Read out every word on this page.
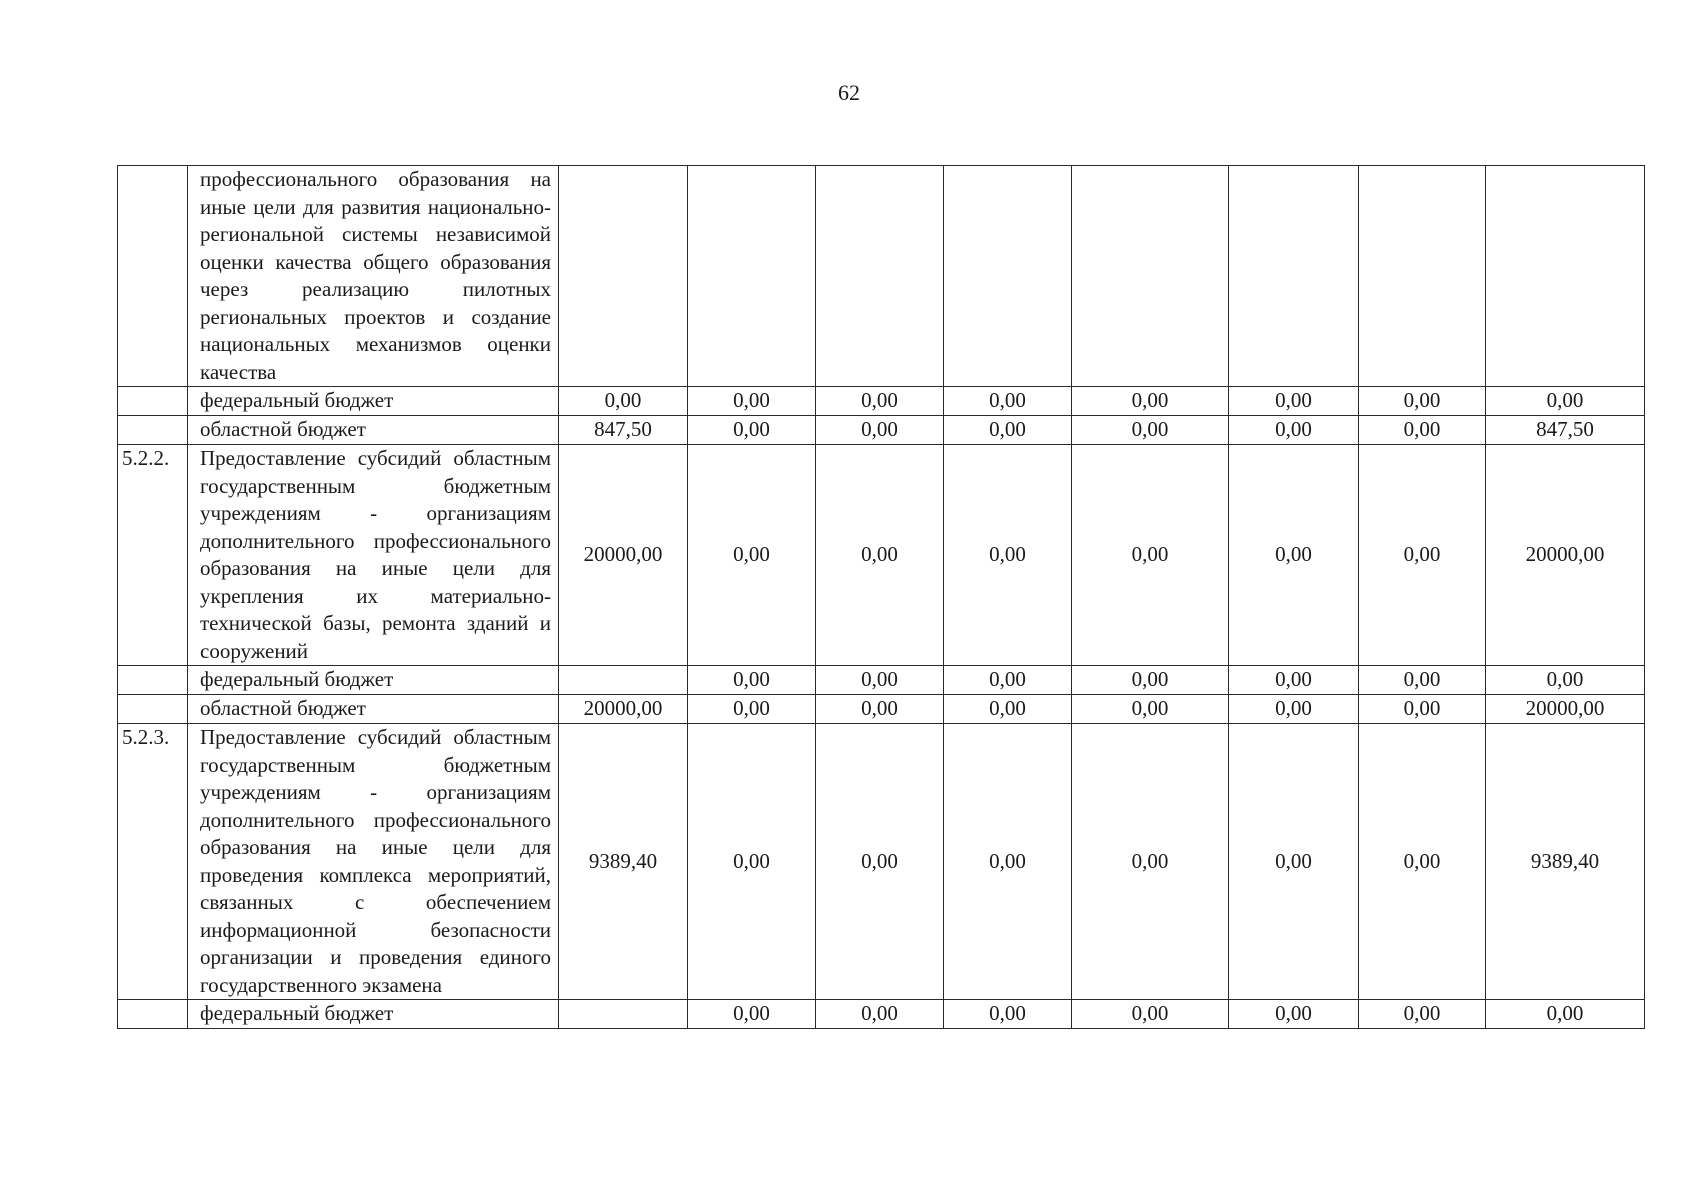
62
	профессионального образования на иные цели для развития национально-региональной системы независимой оценки качества общего образования через реализацию пилотных региональных проектов и создание национальных механизмов оценки качества								
	федеральный бюджет	0,00	0,00	0,00	0,00	0,00	0,00	0,00	0,00
	областной бюджет	847,50	0,00	0,00	0,00	0,00	0,00	0,00	847,50
5.2.2.	Предоставление субсидий областным государственным бюджетным учреждениям - организациям дополнительного профессионального образования на иные цели для укрепления их материально-технической базы, ремонта зданий и сооружений	20000,00	0,00	0,00	0,00	0,00	0,00	0,00	20000,00
	федеральный бюджет		0,00	0,00	0,00	0,00	0,00	0,00	0,00
	областной бюджет	20000,00	0,00	0,00	0,00	0,00	0,00	0,00	20000,00
5.2.3.	Предоставление субсидий областным государственным бюджетным учреждениям - организациям дополнительного профессионального образования на иные цели для проведения комплекса мероприятий, связанных с обеспечением информационной безопасности организации и проведения единого государственного экзамена	9389,40	0,00	0,00	0,00	0,00	0,00	0,00	9389,40
	федеральный бюджет		0,00	0,00	0,00	0,00	0,00	0,00	0,00
